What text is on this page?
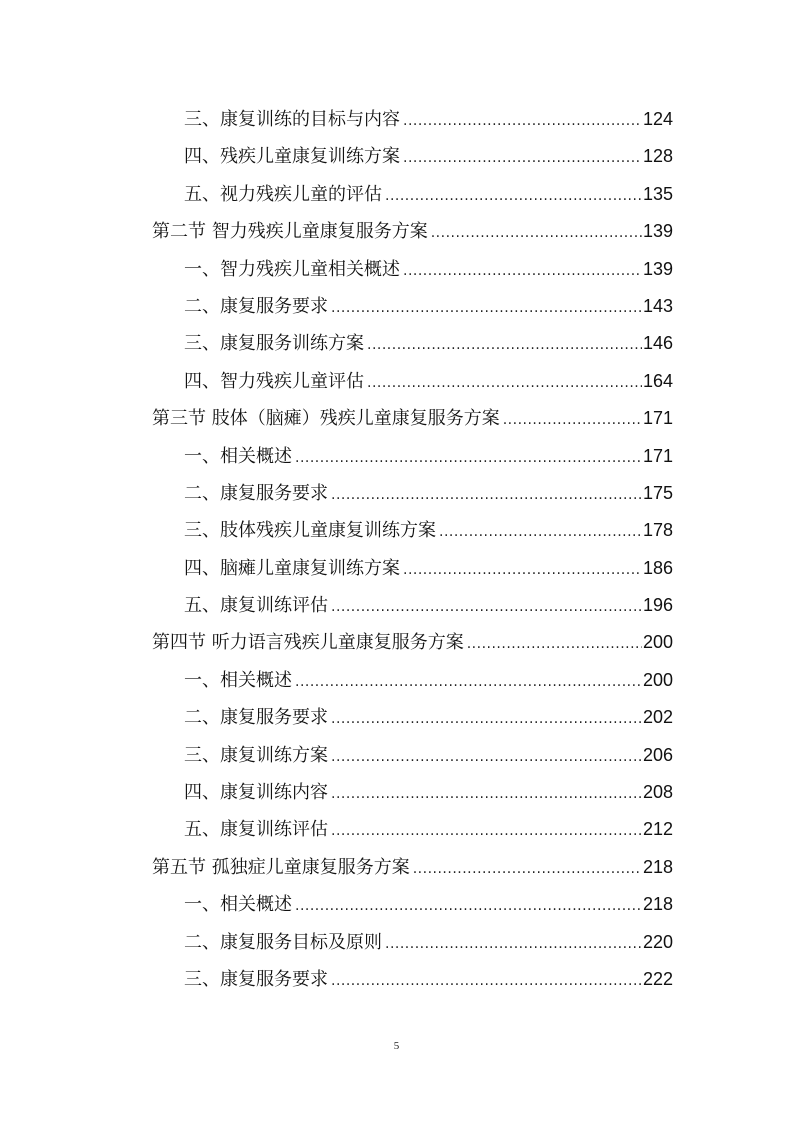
三、康复训练的目标与内容 .....	124
四、残疾儿童康复训练方案 .....	128
五、视力残疾儿童的评估 .....	135
第二节 智力残疾儿童康复服务方案 .....	139
一、智力残疾儿童相关概述 .....	139
二、康复服务要求 .....	143
三、康复服务训练方案 .....	146
四、智力残疾儿童评估 .....	164
第三节 肢体（脑瘫）残疾儿童康复服务方案 .....	171
一、相关概述 .....	171
二、康复服务要求 .....	175
三、肢体残疾儿童康复训练方案 .....	178
四、脑瘫儿童康复训练方案 .....	186
五、康复训练评估 .....	196
第四节 听力语言残疾儿童康复服务方案 .....	200
一、相关概述 .....	200
二、康复服务要求 .....	202
三、康复训练方案 .....	206
四、康复训练内容 .....	208
五、康复训练评估 .....	212
第五节 孤独症儿童康复服务方案 .....	218
一、相关概述 .....	218
二、康复服务目标及原则 .....	220
三、康复服务要求 .....	222
5
